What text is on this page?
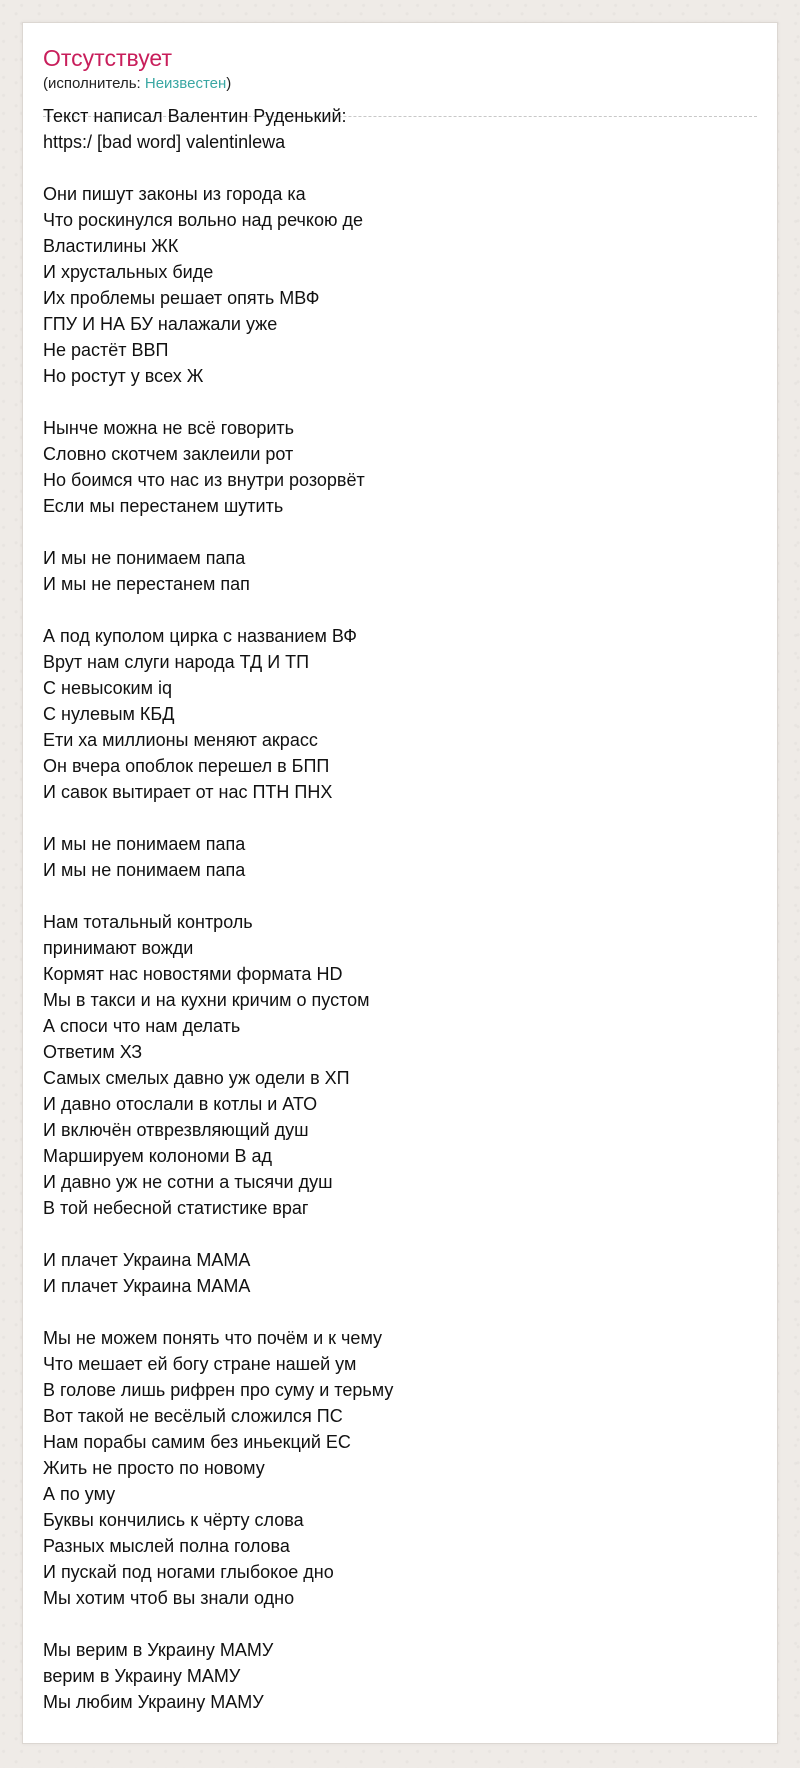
Отсутствует
(исполнитель: Неизвестен)
Текст написал Валентин Руденький:
https:/ [bad word] valentinlewa
Они пишут законы из города ка
Что роскинулся вольно над речкою де
Властилины ЖК
И хрустальных биде
Их проблемы решает опять МВФ
ГПУ И НА БУ налажали уже
Не растёт ВВП
Но ростут у всех Ж
Нынче можна не всё говорить
Словно скотчем заклеили рот
Но боимся что нас из внутри розорвёт
Если мы перестанем шутить
И мы не понимаем папа
И мы не перестанем пап
А под куполом цирка с названием ВФ
Врут нам слуги народа ТД И ТП
С невысоким iq
С нулевым КБД
Ети ха миллионы меняют акрасс
Он вчера опоблок перешел в БПП
И савок вытирает от нас ПТН ПНХ
И мы не понимаем папа
И мы не понимаем папа
Нам тотальный контроль
принимают вожди
Кормят нас новостями формата HD
Мы в такси и на кухни кричим о пустом
А споси что нам делать
Ответим ХЗ
Самых смелых давно уж одели в ХП
И давно отослали в котлы и АТО
И включён отврезвляющий душ
Маршируем колономи В ад
И давно уж не сотни а тысячи душ
В той небесной статистике враг
И плачет Украина МАМА
И плачет Украина МАМА
Мы не можем понять что почём и к чему
Что мешает ей богу стране нашей ум
В голове лишь рифрен про суму и терьму
Вот такой не весёлый сложился ПС
Нам порабы самим без иньекций ЕС
Жить не просто по новому
А по уму
Буквы кончились к чёрту слова
Разных мыслей полна голова
И пускай под ногами глыбокое дно
Мы хотим чтоб вы знали одно
Мы верим в Украину МАМУ
верим в Украину МАМУ
Мы любим Украину МАМУ
